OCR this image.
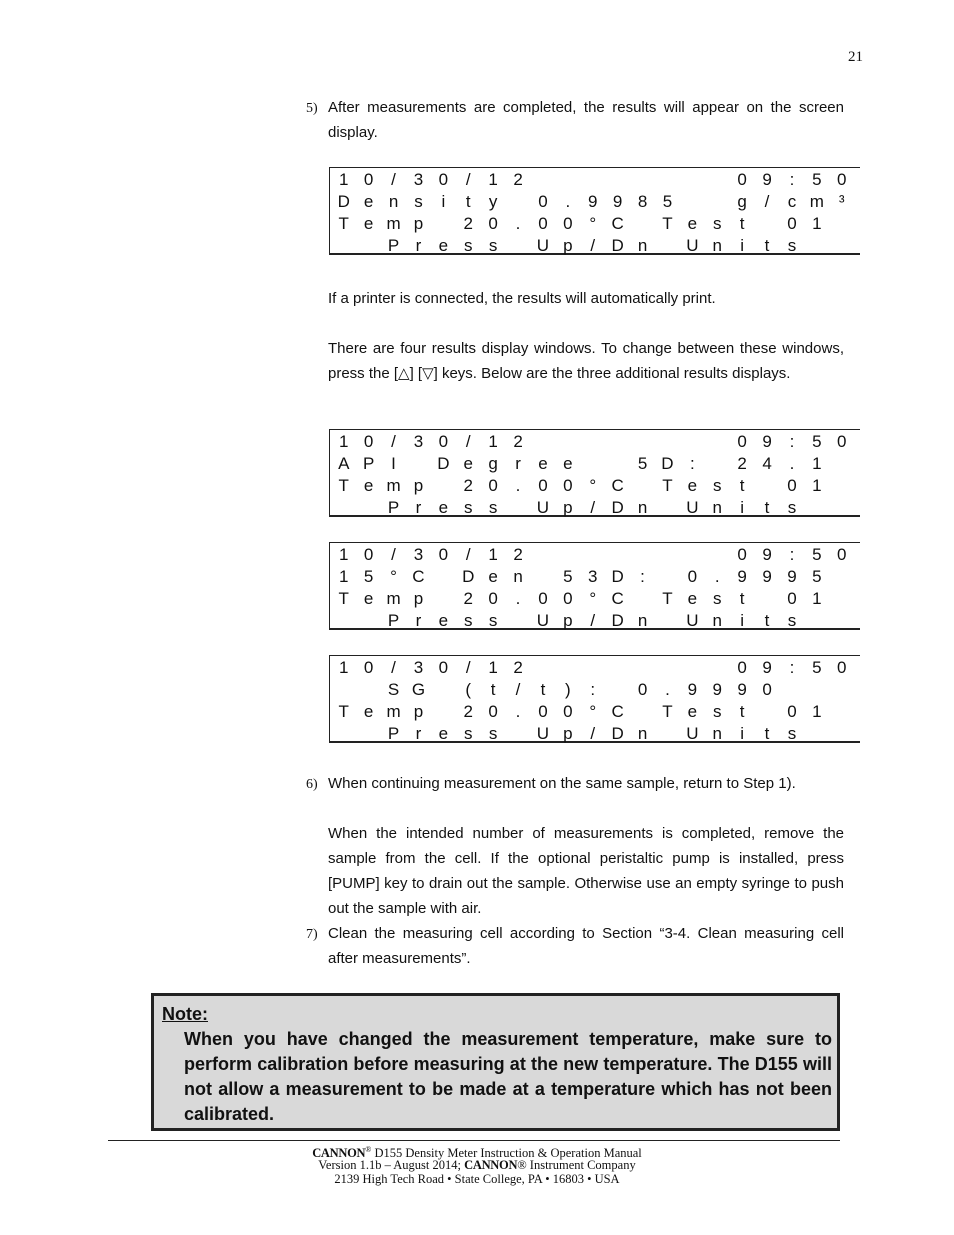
21
5) After measurements are completed, the results will appear on the screen display.
1 0	/	3 0	/	1 2	0 9	:	5 0
D e n s	i	t	y	0	.	9 9 8 5	g	/	c m ³
T e m p	2 0	.	0 0 ° C	T e s	t	0 1
P r	e s s	U p	/ D n	U n	i	t	s
If a printer is connected, the results will automatically print.
There are four results display windows. To change between these windows, press the [△] [▽] keys. Below are the three additional results displays.
1 0	/	3 0	/	1 2	0 9	:	5 0
A P I	D e g	r	e e	5 D :	2 4	.	1
T e m p	2 0	.	0 0 ° C	T e s	t	0 1
P r	e s s	U p	/ D n	U n	i	t	s
1 0	/	3 0	/	1 2	0 9	:	5 0
1 5 ° C	D e n	5 3 D :	0	.	9 9 9 5
T e m p	2 0	.	0 0 ° C	T e s	t	0 1
P r	e s s	U p	/ D n	U n	i	t	s
1 0	/	3 0	/	1 2	0 9	:	5 0
S G	(	t	/	t	)	:	0	.	9 9 9 0
T e m p	2 0	.	0 0 ° C	T e s	t	0 1
P r	e s s	U p	/ D n	U n	i	t	s
6) When continuing measurement on the same sample, return to Step 1).
When the intended number of measurements is completed, remove the sample from the cell. If the optional peristaltic pump is installed, press [PUMP] key to drain out the sample. Otherwise use an empty syringe to push out the sample with air.
7) Clean the measuring cell according to Section “3-4. Clean measuring cell after measurements”.
Note:
When you have changed the measurement temperature, make sure to perform calibration before measuring at the new temperature. The D155 will not allow a measurement to be made at a temperature which has not been calibrated.
CANNON® D155 Density Meter Instruction & Operation Manual
Version 1.1b – August 2014; CANNON® Instrument Company
2139 High Tech Road • State College, PA • 16803 • USA
